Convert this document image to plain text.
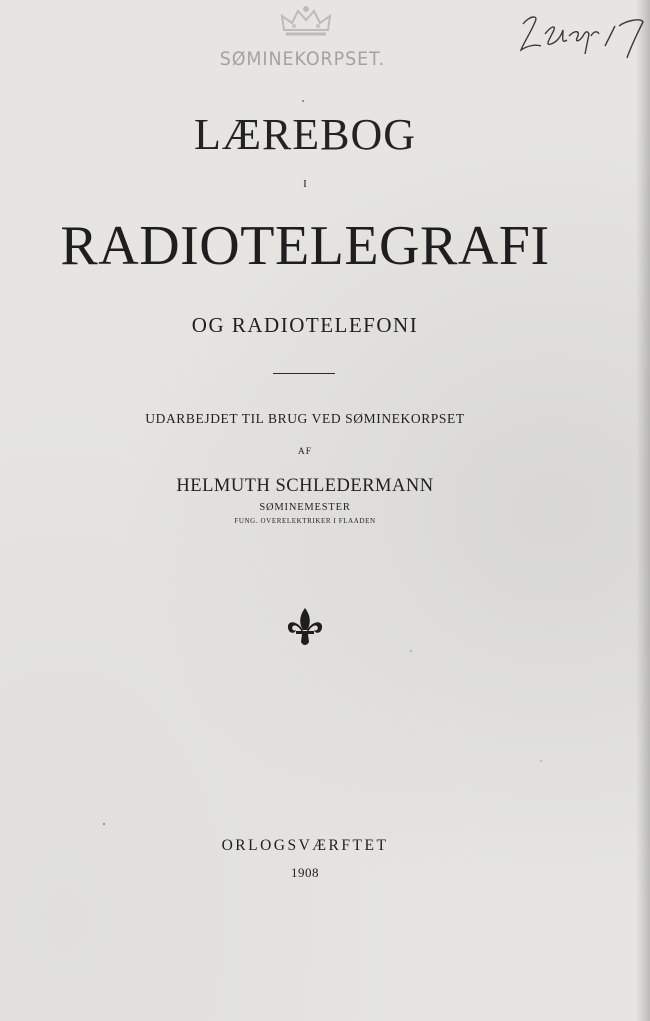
SØMINEKORPSET.
LÆREBOG
I
RADIOTELEGRAFI
OG RADIOTELEFONI
UDARBEJDET TIL BRUG VED SØMINEKORPSET
AF
HELMUTH SCHLEDERMANN
SØMINEMESTER
FUNG. OVERELEKTRIKER I FLAADEN
ORLOGSVÆRFTET
1908
